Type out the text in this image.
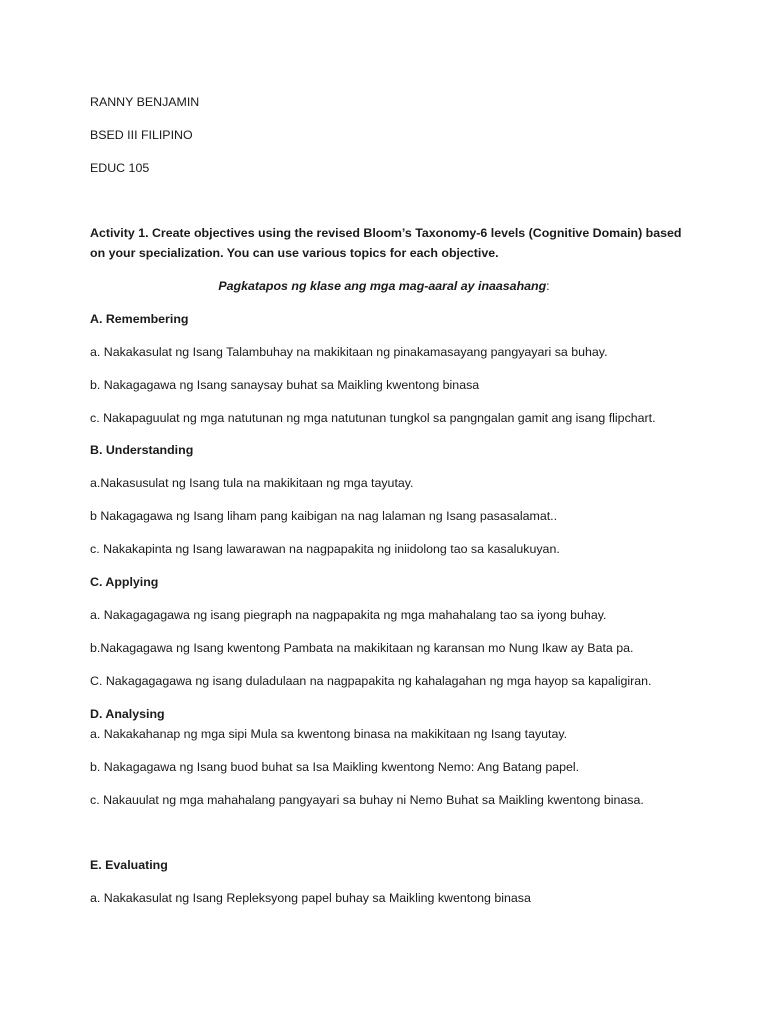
RANNY BENJAMIN

BSED III FILIPINO

EDUC 105

Activity 1. Create objectives using the revised Bloom’s Taxonomy-6 levels (Cognitive Domain) based

on your specialization. You can use various topics for each objective.

Pagkatapos ng klase ang mga mag-aaral ay inaasahang:

A. Remembering

a. Nakakasulat ng Isang Talambuhay na makikitaan ng pinakamasayang pangyayari sa buhay.

b. Nakagagawa ng Isang sanaysay buhat sa Maikling kwentong binasa

c. Nakapaguulat ng mga natutunan ng mga natutunan tungkol sa pangngalan gamit ang isang flipchart.

B. Understanding

a.Nakasusulat ng Isang tula na makikitaan ng mga tayutay.

b Nakagagawa ng Isang liham pang kaibigan na nag lalaman ng Isang pasasalamat..

c. Nakakapinta ng Isang lawarawan na nagpapakita ng iniidolong tao sa kasalukuyan.

C. Applying

a. Nakagagagawa ng isang piegraph na nagpapakita ng mga mahahalang tao sa iyong buhay.

b.Nakagagawa ng Isang kwentong Pambata na makikitaan ng karansan mo Nung Ikaw ay Bata pa.

C. Nakagagagawa ng isang duladulaan na nagpapakita ng kahalagahan ng mga hayop sa kapaligiran.

D. Analysing

a. Nakakahanap ng mga sipi Mula sa kwentong binasa na makikitaan ng Isang tayutay.

b. Nakagagawa ng Isang buod buhat sa Isa Maikling kwentong Nemo: Ang Batang papel.

c. Nakauulat ng mga mahahalang pangyayari sa buhay ni Nemo Buhat sa Maikling kwentong binasa.

E. Evaluating

a. Nakakasulat ng Isang Repleksyong papel buhay sa Maikling kwentong binasa
